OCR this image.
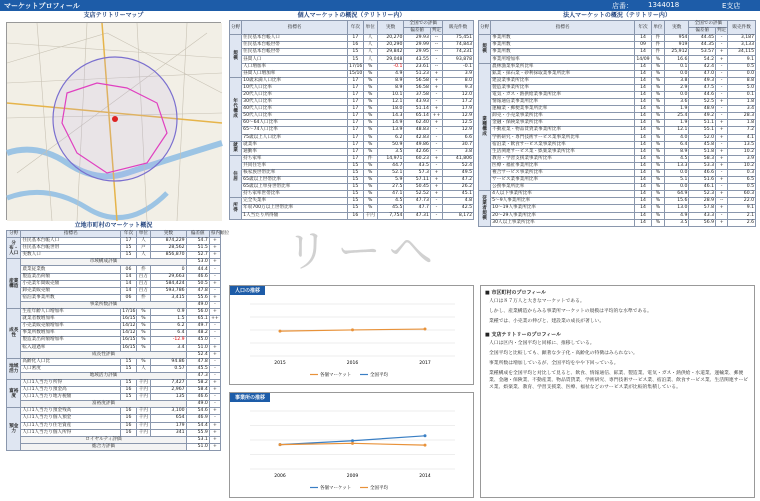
マーケットプロフィール	店番： 1344018	E支店
支店テリトリーマップ
立地市町村のマーケット概況
分野	指標名	年次	単位	実数	偏差値	県内順位
分布・人口	住民基本台帳人口	17	人	874,229	54.7	+
	住民基本台帳世帯	15	戸	28,562	51.5	+
	実数人口	15	人	856,870	52.7	+
産業構造	市域構成評価				53.0	+
	農業従業数	06	件	0	44.4	-
	製造業出荷額	14	百万	29,663	46.6	-
	小売業年間販売額	14	百万	584,424	50.5	+
	卸売業販売額	14	百万	593,786	47.8	-
	宿泊業事業所数	06	件	3,415	55.6	+
	事業所数評価				49.0	-
成長性	生産年齢人口増加率	17/16	%	0.9	56.0	+
	就業者数増加率	16/15	%	1.5	65.1	++
	小売業販売額増加率	14/12	%	6.2	49.7	-
	事業所数増加率	14/12	%	6.4	48.2	-
	製造業出荷額増加率	16/15	%	-12.9	45.0	-
	転入超過率	16/15	%	3.4	51.0	+
	成長性評価				52.4	+
地域活力	高齢化人口比	15	%	94.86	47.8	-
	人口密度	15	人	0.57	45.5	-
	地域活力評価				47.3	-
富裕度	人口1人当たり所得	15	千円	7,427	58.2	+
	人口1人当たり預金高	16	千円	2,967	58.4	+
	人口1人当たり地方税額	15	千円	135	46.6	-
	富裕度評価				49.0	-
預金力	人口1人当たり預金残高	16	千円	3,100	54.6	+
	人口1人当たり個人預金	16	千円	654	46.9	-
	人口1人当たり住宅資産	16	千円	179	54.4	+
	人口1人当たり個人所得	16	千円	341	55.9	+
	ロイヤルティ評価				53.1	+
	総合力評価				51.0	+
個人マーケットの概況（テリトリー内）
分野	指標名	年次	単位	実数	全国での評価		販売件数
					偏差値	判定	
規模	住民基本台帳人口	17	人	20,270	29.93	--	75,451
	住民基本台帳世帯	16	人	20,290	29.99	--	74,843
	住民基本台帳世帯	15	人	29,842	29.95	--	74,231
	昼間人口	15	人	29,048	43.55	-	93,878
	人口増加率	17/16	%	-0.1	23.61	--	-0.1
	昼間人口増加率	15/10	%	4.9	51.23	+	3.9
年代構成	10歳未満人口比率	17	%	8.9	56.58	+	8.0
	10代人口比率	17	%	8.9	56.58	+	9.3
	20代人口比率	17	%	10.1	37.58	-	12.0
	30代人口比率	17	%	12.1	43.93	-	17.2
	40代人口比率	17	%	18.0	51.14	+	17.9
	50代人口比率	17	%	14.3	65.14	++	12.9
	60～64人口比率	17	%	14.9	62.40	+	12.5
	65～74人口比率	17	%	13.9	48.83	-	12.9
	75歳以上人口比率	17	%	6.2	42.83	-	6.6
就業	就業率	17	%	50.9	49.86	-	30.7
	通勤率	17	%	3.5	42.66	-	3.8
住居	持ち家率	17	件	14,971	60.23	+	41,806
	共同住宅率	15	%	44.7	43.5	-	52.4
	核家族世帯比率	15	%	52.1	57.3	+	49.5
	65歳以上世帯比率	15	%	5.9	57.11	+	47.2
	65歳以上単身世帯比率	15	%	27.5	50.45	+	26.2
	持ち家率世帯比率	15	%	47.1	52.52	+	45.1
所得	完全失業率	15	%	4.5	47.73	-	4.8
	年収700万以上世帯比率	15	%	45.5	47.7	-	42.5
	1人当たり所得額	16	千円	7,754	47.31	-	8,172
法人マーケットの概況（テリトリー内）
分野	指標名	年次	単位	実数	全国での評価		販売件数
					偏差値	判定	
規模	事業所数	14	件	954	44.45	-	3,187
	事業所数	09	件	919	44.35	-	3,133
	事業所数	14	件	25,912	53.57	+	34,115
	事業所増加率	14/09	%	16.6	54.2	+	9.1
業種構成	農林漁業事業所比率	14	%	0.1	42.4	-	0.5
	鉱業・採石業・砂利採取業事業所比率	14	%	0.0	47.0	-	0.0
	建設業事業所比率	14	%	3.8	49.3	-	8.8
	製造業事業所比率	14	%	2.9	47.5	-	5.0
	電気・ガス・熱供給業事業所比率	14	%	0.0	44.6	-	0.1
	情報通信業事業所比率	14	%	3.6	52.5	+	1.8
	運輸業・郵便業事業所比率	14	%	1.9	48.9	-	3.4
	卸売・小売業事業所比率	14	%	25.4	49.2	-	28.3
	金融・保険業事業所比率	14	%	1.9	51.1	+	1.8
	不動産業・物品賃貸業事業所比率	14	%	12.1	55.1	+	7.2
	学術研究・専門技術サービス業事業所比率	14	%	4.0	52.0	+	4.1
	宿泊業・飲食サービス業事業所比率	14	%	6.4	45.8	-	13.5
	生活関連サービス業・娯楽業事業所比率	14	%	8.9	51.8	+	10.2
	教育・学習支援業事業所比率	14	%	4.5	58.3	+	3.9
	医療・福祉事業所比率	14	%	13.3	53.3	+	10.2
	複合サービス事業所比率	14	%	0.0	46.6	-	0.3
	サービス業事業所比率	14	%	5.1	51.6	+	6.5
	公務事業所比率	14	%	0.0	46.1	-	0.5
従業者規模	4人以下事業所比率	14	%	64.9	52.3	+	60.3
	5～9人事業所比率	14	%	15.6	28.9	--	22.0
	10～19人事業所比率	14	%	13.0	57.8	+	9.1
	20～29人事業所比率	14	%	4.9	43.3	-	2.1
	30人以上事業所比率	14	%	3.5	56.9	+	2.6
人口の推移
2015	2016	2017
各個マーケット	全国平均
事業所の推移
2006	2009	2014
各個マーケット	全国平均
■ 市区町村のプロフィール
人口は８７万人と大きなマーケットである。
しかし、産業構造からみる事業所マーケットの規模は平均的な水準である。
業種では、小売業の伸びと、建設業の成長が著しい。
■ 支店テリトリーのプロフィール
人口は区内・全国平均と同様に、推移している。
全国平均と比較しても、顕著な少子化・高齢化の特徴はみられない。
事業所数は増加しているが、全国平均をやや下回っている。
業種構成を全国平均と対比して見ると、飲食、情報通信、鉱業、製造業、電気・ガス・熱供給・水道業、運輸業、郵便業、金融・保険業、不動産業、物品賃貸業、学術研究、専門技術サービス業、宿泊業、飲食サービス業、生活関連サービス業、娯楽業、教育、学習支援業、医療、福祉などのサービス業が比較的集積している。
リーへ
